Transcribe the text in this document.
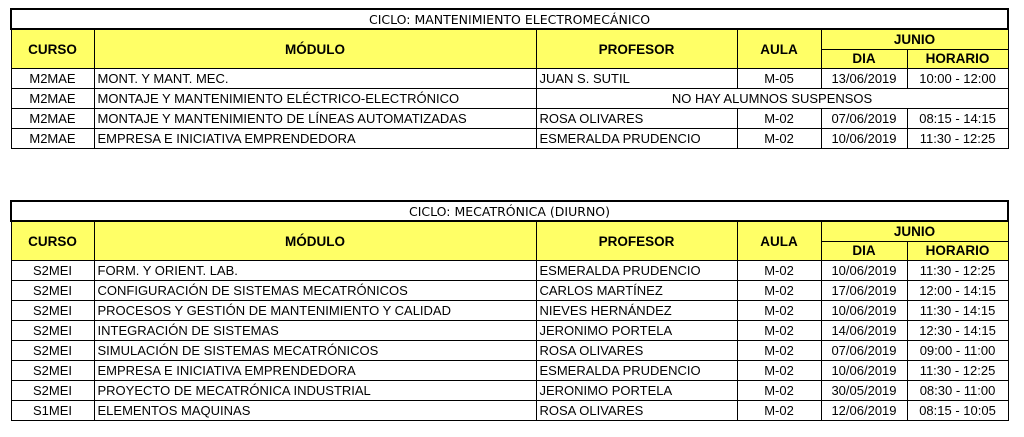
CICLO: MANTENIMIENTO ELECTROMECÁNICO					
CURSO	MÓDULO	PROFESOR	AULA	JUNIO	
				DIA	HORARIO
M2MAE	MONT. Y MANT. MEC.	JUAN S. SUTIL	M-05	13/06/2019	10:00 - 12:00
M2MAE	MONTAJE Y MANTENIMIENTO ELÉCTRICO-ELECTRÓNICO	NO HAY ALUMNOS SUSPENSOS			
M2MAE	MONTAJE Y MANTENIMIENTO DE LÍNEAS AUTOMATIZADAS	ROSA OLIVARES	M-02	07/06/2019	08:15 - 14:15
M2MAE	EMPRESA E INICIATIVA EMPRENDEDORA	ESMERALDA PRUDENCIO	M-02	10/06/2019	11:30 - 12:25
CICLO: MECATRÓNICA (DIURNO)					
CURSO	MÓDULO	PROFESOR	AULA	JUNIO	
				DIA	HORARIO
S2MEI	FORM. Y ORIENT. LAB.	ESMERALDA PRUDENCIO	M-02	10/06/2019	11:30 - 12:25
S2MEI	CONFIGURACIÓN DE SISTEMAS MECATRÓNICOS	CARLOS MARTÍNEZ	M-02	17/06/2019	12:00 - 14:15
S2MEI	PROCESOS Y GESTIÓN DE MANTENIMIENTO Y CALIDAD	NIEVES HERNÁNDEZ	M-02	10/06/2019	11:30 - 14:15
S2MEI	INTEGRACIÓN DE SISTEMAS	JERONIMO PORTELA	M-02	14/06/2019	12:30 - 14:15
S2MEI	SIMULACIÓN DE SISTEMAS MECATRÓNICOS	ROSA OLIVARES	M-02	07/06/2019	09:00 - 11:00
S2MEI	EMPRESA E INICIATIVA EMPRENDEDORA	ESMERALDA PRUDENCIO	M-02	10/06/2019	11:30 - 12:25
S2MEI	PROYECTO DE MECATRÓNICA INDUSTRIAL	JERONIMO PORTELA	M-02	30/05/2019	08:30 - 11:00
S1MEI	ELEMENTOS MAQUINAS	ROSA OLIVARES	M-02	12/06/2019	08:15 - 10:05
